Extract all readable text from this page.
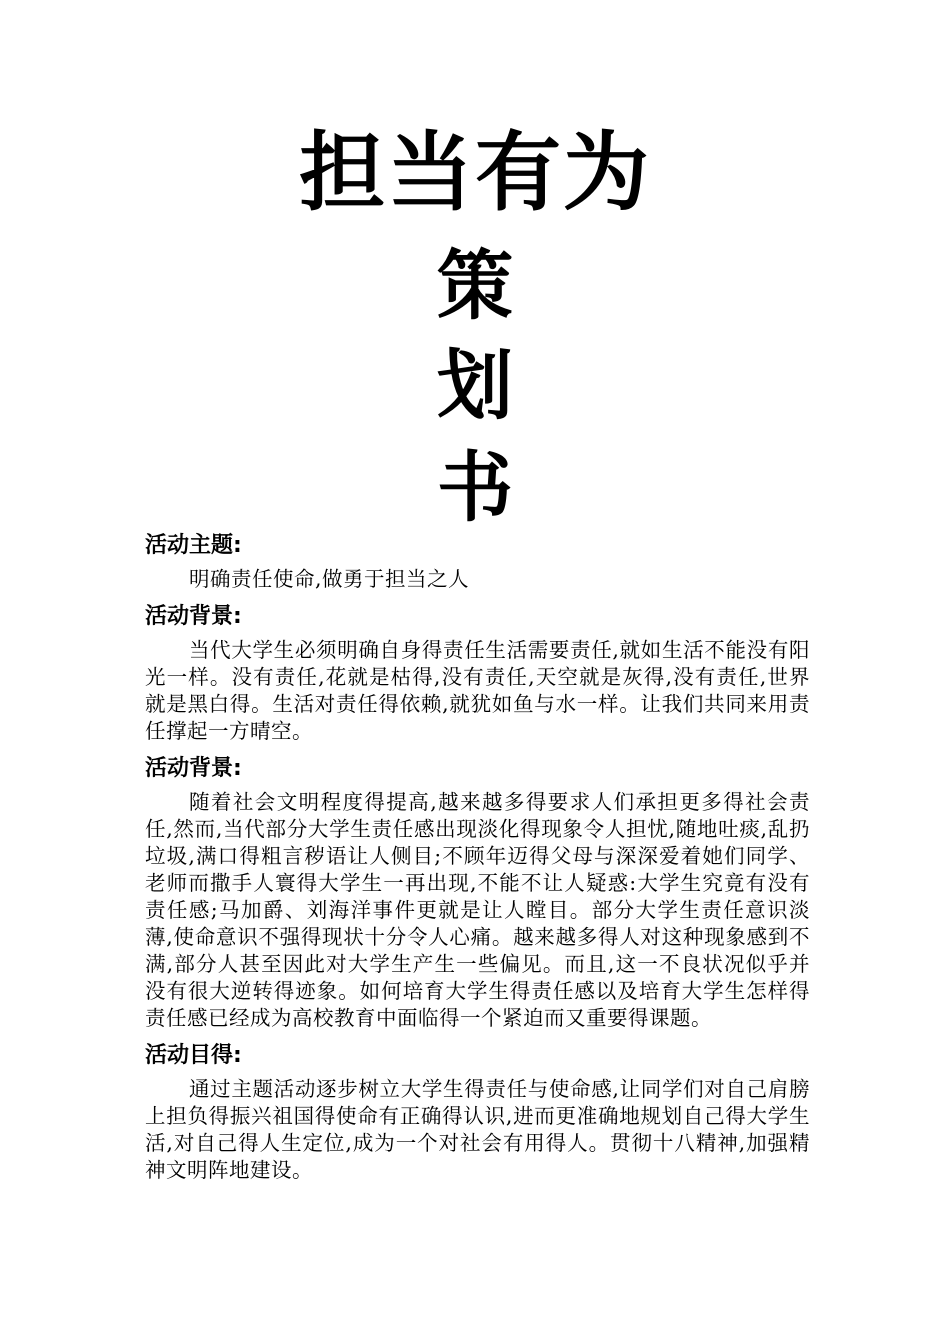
担当有为
策
划
书
活动主题:

明确责任使命,做勇于担当之人

活动背景:

当代大学生必须明确自身得责任生活需要责任,就如生活不能没有阳光一样。没有责任,花就是枯得,没有责任,天空就是灰得,没有责任,世界就是黑白得。生活对责任得依赖,就犹如鱼与水一样。让我们共同来用责任撑起一方晴空。

活动背景:

随着社会文明程度得提高,越来越多得要求人们承担更多得社会责任,然而,当代部分大学生责任感出现淡化得现象令人担忧,随地吐痰,乱扔垃圾,满口得粗言秽语让人侧目;不顾年迈得父母与深深爱着她们同学、老师而撒手人寰得大学生一再出现,不能不让人疑惑:大学生究竟有没有责任感;马加爵、刘海洋事件更就是让人瞠目。部分大学生责任意识淡薄,使命意识不强得现状十分令人心痛。越来越多得人对这种现象感到不满,部分人甚至因此对大学生产生一些偏见。而且,这一不良状况似乎并没有很大逆转得迹象。如何培育大学生得责任感以及培育大学生怎样得责任感已经成为高校教育中面临得一个紧迫而又重要得课题。

活动目得:

通过主题活动逐步树立大学生得责任与使命感,让同学们对自己肩膀上担负得振兴祖国得使命有正确得认识,进而更准确地规划自己得大学生活,对自己得人生定位,成为一个对社会有用得人。贯彻十八精神,加强精神文明阵地建设。
